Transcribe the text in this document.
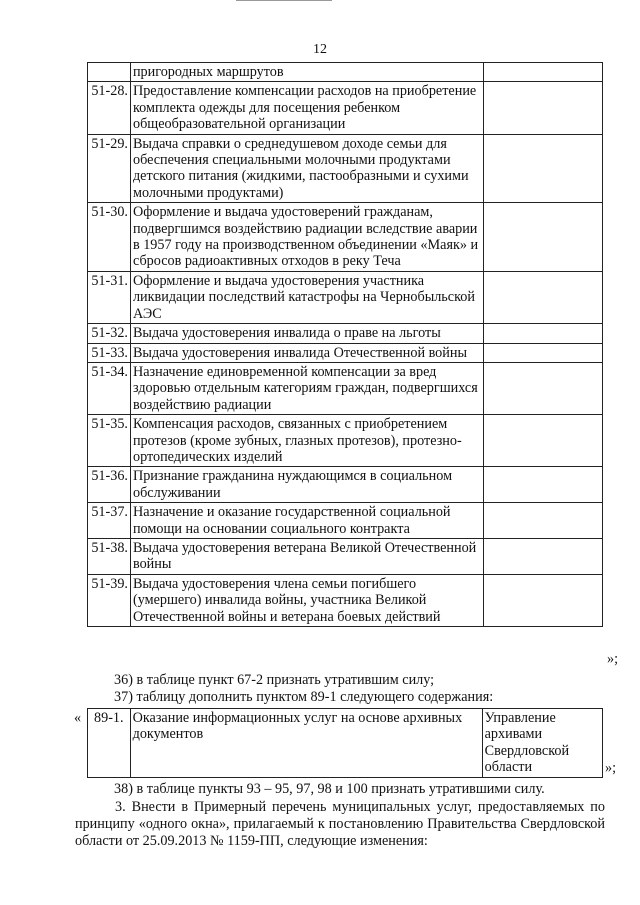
12
	пригородных маршрутов	
51-28.	Предоставление компенсации расходов на приобретение комплекта одежды для посещения ребенком общеобразовательной организации	
51-29.	Выдача справки о среднедушевом доходе семьи для обеспечения специальными молочными продуктами детского питания (жидкими, пастообразными и сухими молочными продуктами)	
51-30.	Оформление и выдача удостоверений гражданам, подвергшимся воздействию радиации вследствие аварии в 1957 году на производственном объединении «Маяк» и сбросов радиоактивных отходов в реку Теча	
51-31.	Оформление и выдача удостоверения участника ликвидации последствий катастрофы на Чернобыльской АЭС	
51-32.	Выдача удостоверения инвалида о праве на льготы	
51-33.	Выдача удостоверения инвалида Отечественной войны	
51-34.	Назначение единовременной компенсации за вред здоровью отдельным категориям граждан, подвергшихся воздействию радиации	
51-35.	Компенсация расходов, связанных с приобретением протезов (кроме зубных, глазных протезов), протезно-ортопедических изделий	
51-36.	Признание гражданина нуждающимся в социальном обслуживании	
51-37.	Назначение и оказание государственной социальной помощи на основании социального контракта	
51-38.	Выдача удостоверения ветерана Великой Отечественной войны	
51-39.	Выдача удостоверения члена семьи погибшего (умершего) инвалида войны, участника Великой Отечественной войны и ветерана боевых действий	
»;
36) в таблице пункт 67-2 признать утратившим силу;
37) таблицу дополнить пунктом 89-1 следующего содержания:
« 89-1.	Оказание информационных услуг на основе архивных документов	Управление архивами Свердловской области	»;
38) в таблице пункты 93 – 95, 97, 98 и 100 признать утратившими силу.
3. Внести в Примерный перечень муниципальных услуг, предоставляемых по принципу «одного окна», прилагаемый к постановлению Правительства Свердловской области от 25.09.2013 № 1159-ПП, следующие изменения:
